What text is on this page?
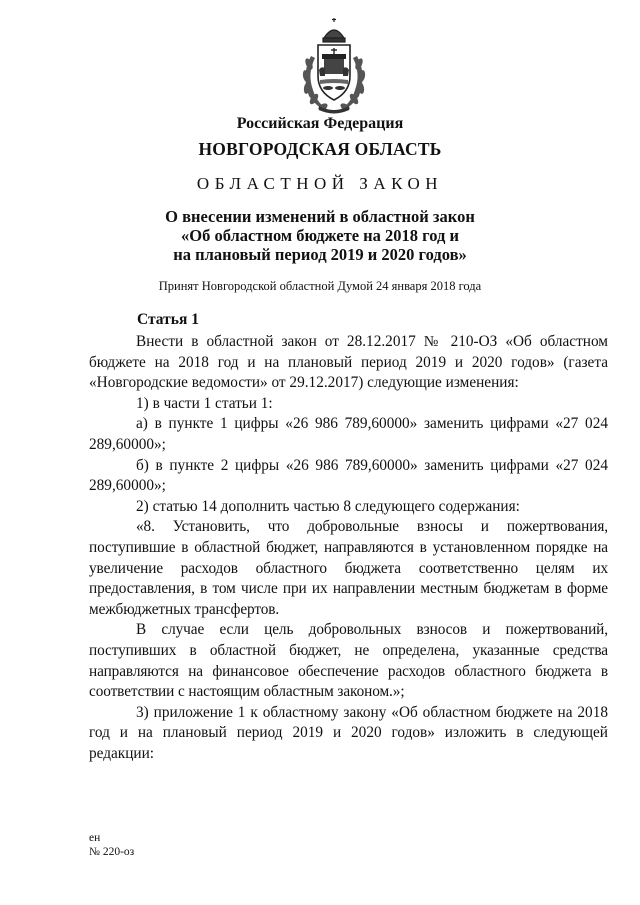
Российская Федерация
НОВГОРОДСКАЯ ОБЛАСТЬ
ОБЛАСТНОЙ ЗАКОН
О внесении изменений в областной закон
«Об областном бюджете на 2018 год и
на плановый период 2019 и 2020 годов»
Принят Новгородской областной Думой 24 января 2018 года
Статья 1

Внести в областной закон от 28.12.2017 № 210-ОЗ «Об областном бюджете на 2018 год и на плановый период 2019 и 2020 годов» (газета «Новгородские ведомости» от 29.12.2017) следующие изменения:

1) в части 1 статьи 1:

а) в пункте 1 цифры «26 986 789,60000» заменить цифрами «27 024 289,60000»;

б) в пункте 2 цифры «26 986 789,60000» заменить цифрами «27 024 289,60000»;

2) статью 14 дополнить частью 8 следующего содержания:

«8. Установить, что добровольные взносы и пожертвования, поступившие в областной бюджет, направляются в установленном порядке на увеличение расходов областного бюджета соответственно целям их предоставления, в том числе при их направлении местным бюджетам в форме межбюджетных трансфертов.

В случае если цель добровольных взносов и пожертвований, поступивших в областной бюджет, не определена, указанные средства направляются на финансовое обеспечение расходов областного бюджета в соответствии с настоящим областным законом.»;

3) приложение 1 к областному закону «Об областном бюджете на 2018 год и на плановый период 2019 и 2020 годов» изложить в следующей редакции:

ен
№ 220-оз
